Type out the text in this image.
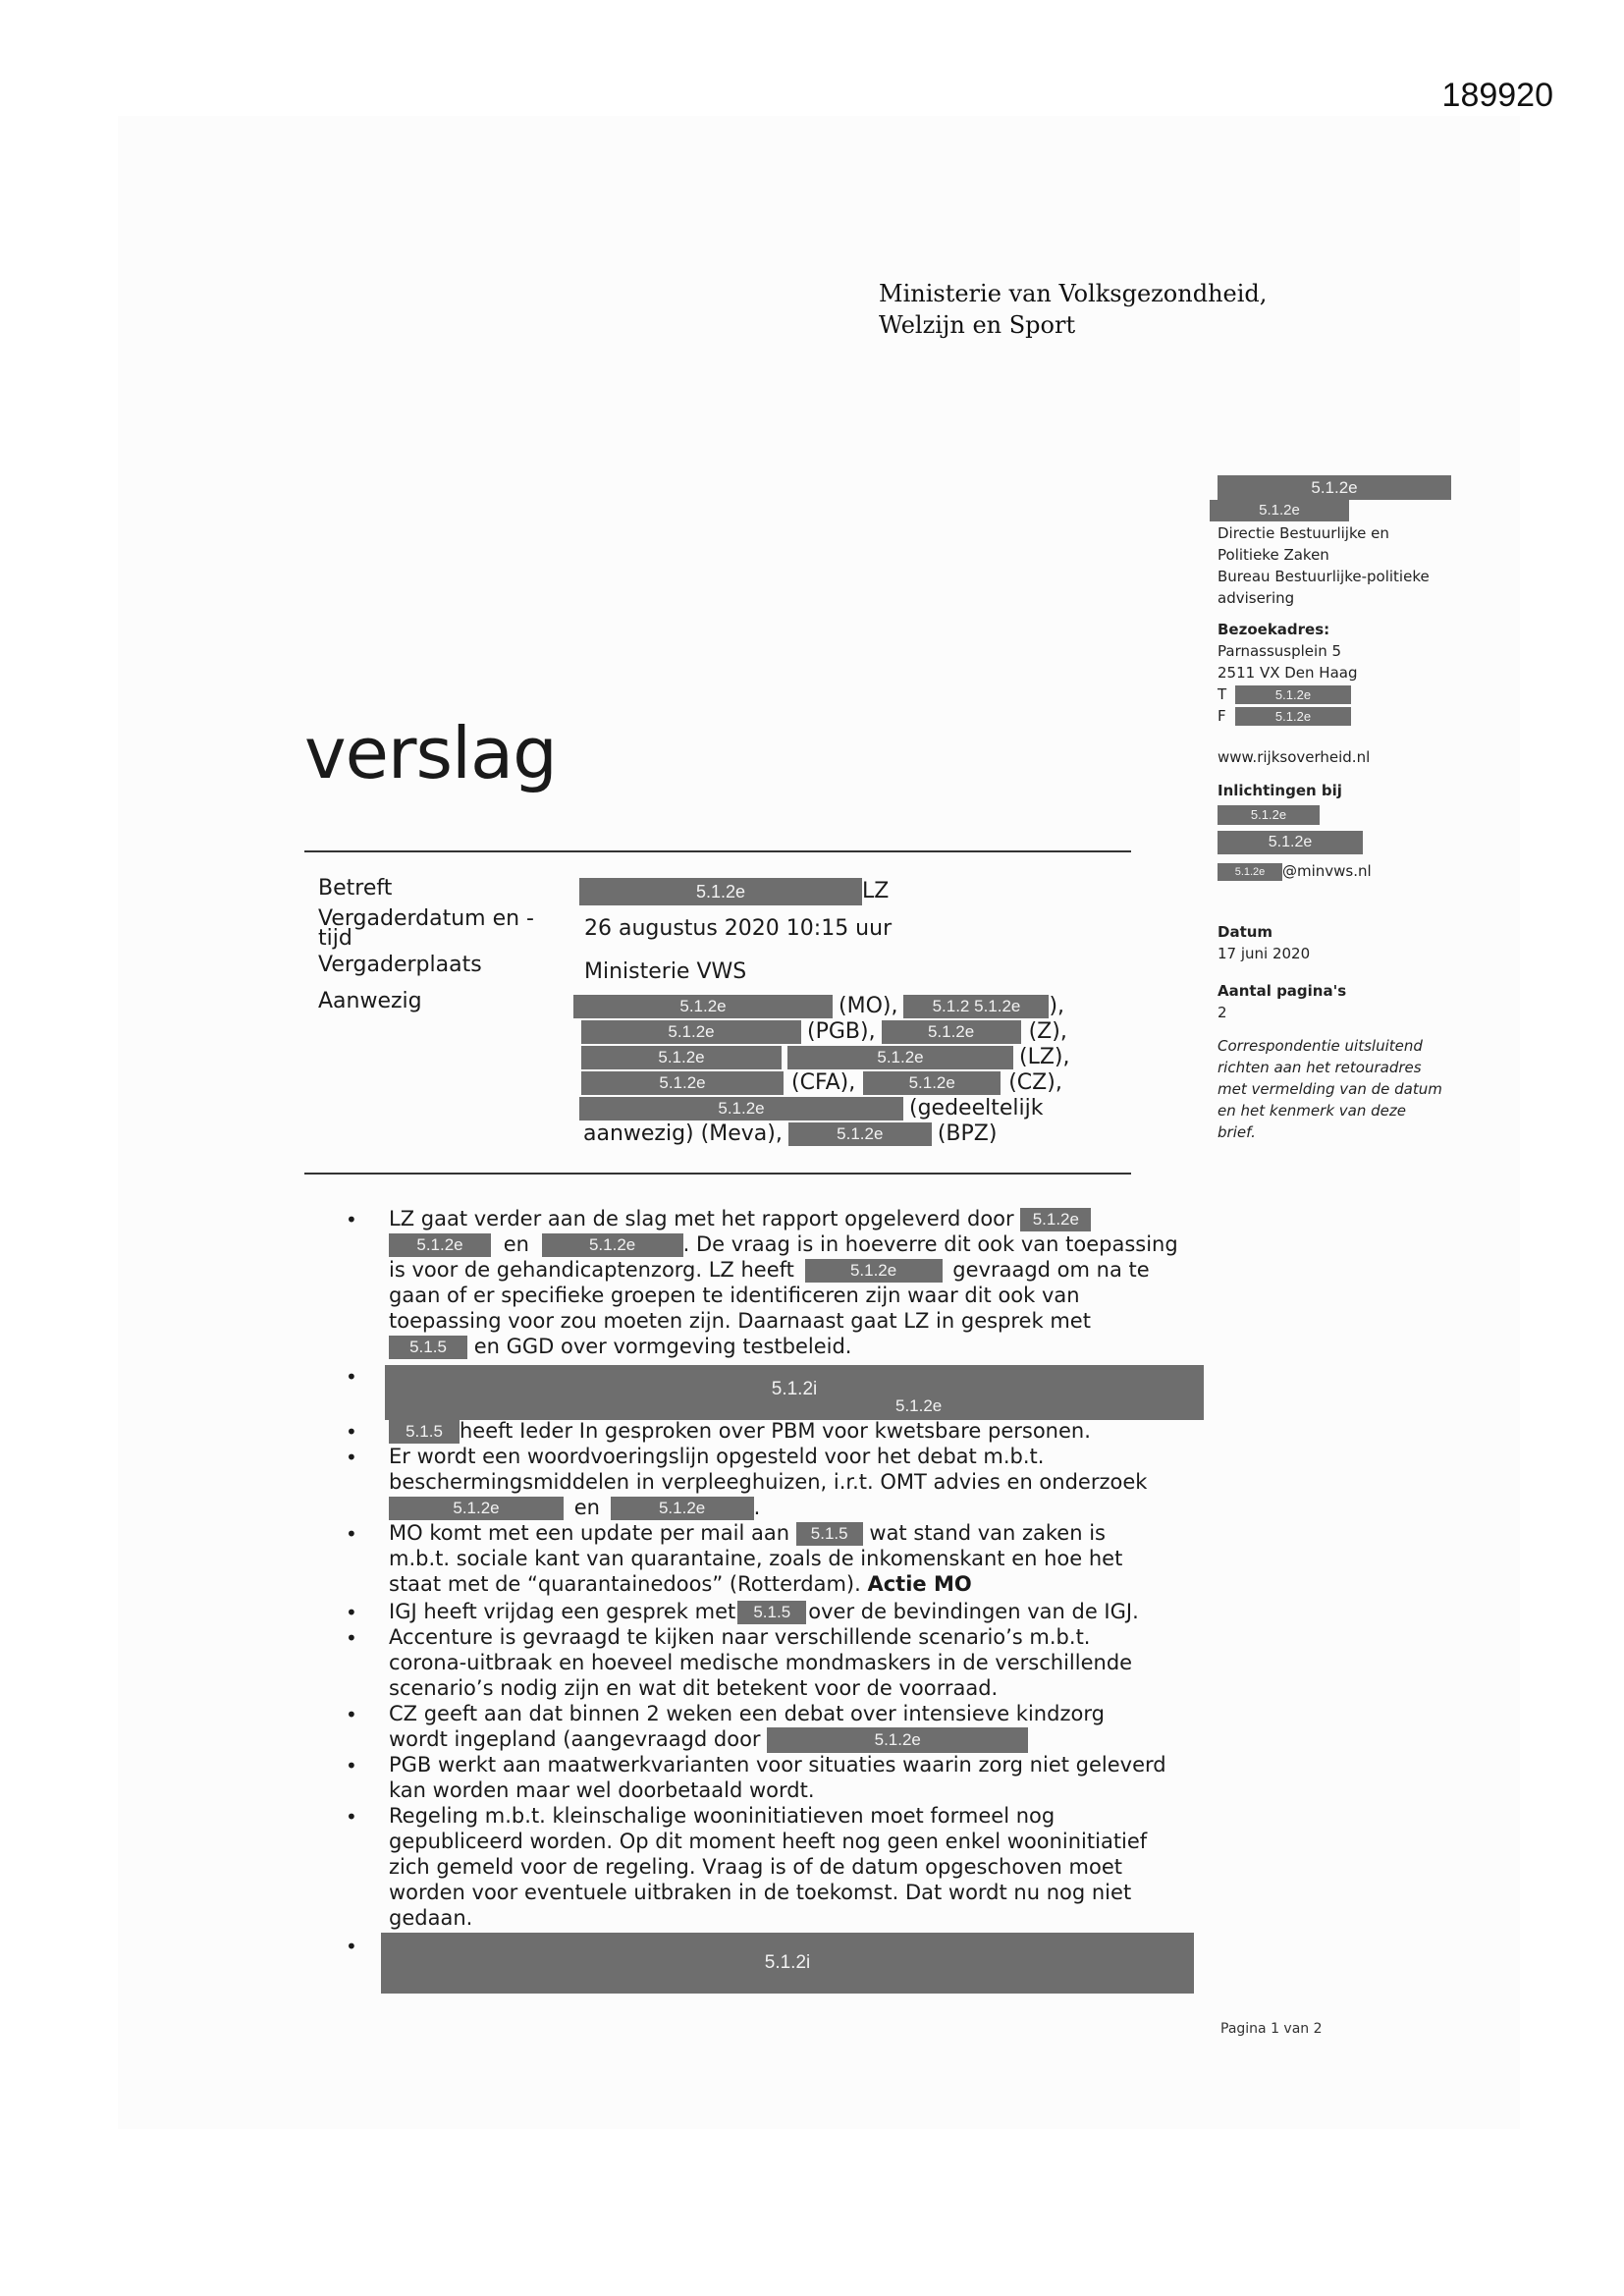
189920
Ministerie van Volksgezondheid,
Welzijn en Sport
5.1.2e
5.1.2e
Directie Bestuurlijke en
Politieke Zaken
Bureau Bestuurlijke-politieke
advisering
Bezoekadres:
Parnassusplein 5
2511 VX Den Haag
T	5.1.2e
F	5.1.2e
www.rijksoverheid.nl
Inlichtingen bij
5.1.2e
5.1.2e
5.1.2e @minvws.nl
Datum
17 juni 2020
Aantal pagina's
2
Correspondentie uitsluitend
richten aan het retouradres
met vermelding van de datum
en het kenmerk van deze
brief.
verslag
Betreft	5.1.2e	LZ
Vergaderdatum en -
tijd	26 augustus 2020 10:15 uur
Vergaderplaats	Ministerie VWS
Aanwezig	5.1.2e	(MO), 5.1.2 5.1.2e ),
5.1.2e	(PGB),	5.1.2e	(Z),
5.1.2e	5.1.2e	(LZ),
5.1.2e	(CFA),	5.1.2e (CZ),
5.1.2e	(gedeeltelijk
aanwezig) (Meva),	5.1.2e	(BPZ)
• LZ gaat verder aan de slag met het rapport opgeleverd door 5.1.2e
5.1.2e en	5.1.2e . De vraag is in hoeverre dit ook van toepassing
is voor de gehandicaptenzorg. LZ heeft	5.1.2e	gevraagd om na te
gaan of er specifieke groepen te identificeren zijn waar dit ook van
toepassing voor zou moeten zijn. Daarnaast gaat LZ in gesprek met
5.1.5 en GGD over vormgeving testbeleid.
•
5.1.2i
5.1.2e
•	5.1.5 heeft Ieder In gesproken over PBM voor kwetsbare personen.
• Er wordt een woordvoeringslijn opgesteld voor het debat m.b.t.
beschermingsmiddelen in verpleeghuizen, i.r.t. OMT advies en onderzoek
5.1.2e	en	5.1.2e .
• MO komt met een update per mail aan 5.1.5 wat stand van zaken is
m.b.t. sociale kant van quarantaine, zoals de inkomenskant en hoe het
staat met de “quarantainedoos” (Rotterdam). Actie MO
• IGJ heeft vrijdag een gesprek met 5.1.5 over de bevindingen van de IGJ.
• Accenture is gevraagd te kijken naar verschillende scenario’s m.b.t.
corona-uitbraak en hoeveel medische mondmaskers in de verschillende
scenario’s nodig zijn en wat dit betekent voor de voorraad.
• CZ geeft aan dat binnen 2 weken een debat over intensieve kindzorg
wordt ingepland (aangevraagd door	5.1.2e
• PGB werkt aan maatwerkvarianten voor situaties waarin zorg niet geleverd
kan worden maar wel doorbetaald wordt.
• Regeling m.b.t. kleinschalige wooninitiatieven moet formeel nog
gepubliceerd worden. Op dit moment heeft nog geen enkel wooninitiatief
zich gemeld voor de regeling. Vraag is of de datum opgeschoven moet
worden voor eventuele uitbraken in de toekomst. Dat wordt nu nog niet
gedaan.
•
5.1.2i
Pagina 1 van 2
